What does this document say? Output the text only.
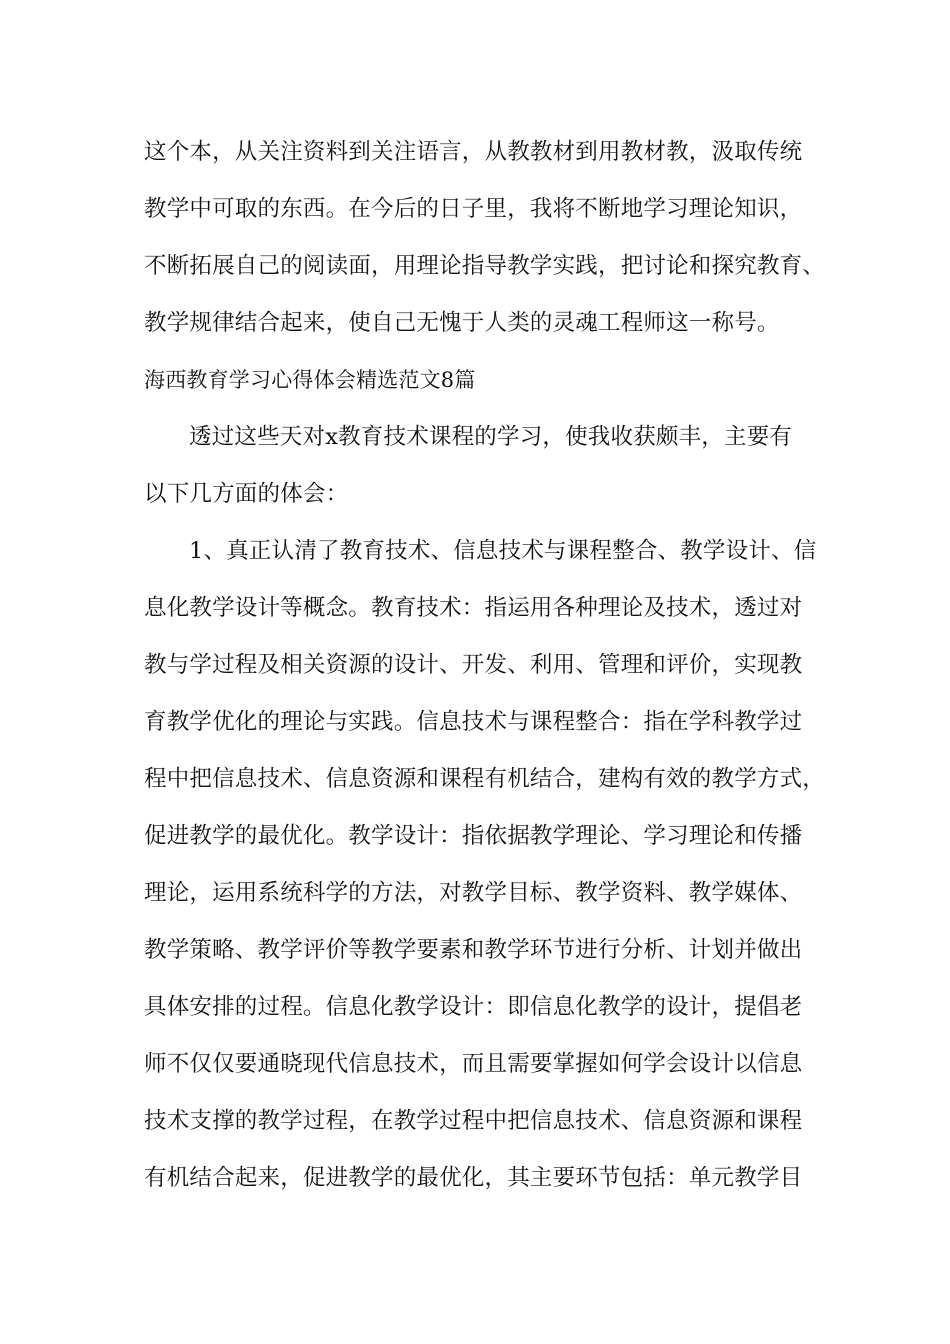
这个本，从关注资料到关注语言，从教教材到用教材教，汲取传统
教学中可取的东西。在今后的日子里，我将不断地学习理论知识，
不断拓展自己的阅读面，用理论指导教学实践，把讨论和探究教育、
教学规律结合起来，使自己无愧于人类的灵魂工程师这一称号。
海西教育学习心得体会精选范文8篇
透过这些天对x教育技术课程的学习，使我收获颇丰，主要有
以下几方面的体会：
1、真正认清了教育技术、信息技术与课程整合、教学设计、信
息化教学设计等概念。教育技术：指运用各种理论及技术，透过对
教与学过程及相关资源的设计、开发、利用、管理和评价，实现教
育教学优化的理论与实践。信息技术与课程整合：指在学科教学过
程中把信息技术、信息资源和课程有机结合，建构有效的教学方式，
促进教学的最优化。教学设计：指依据教学理论、学习理论和传播
理论，运用系统科学的方法，对教学目标、教学资料、教学媒体、
教学策略、教学评价等教学要素和教学环节进行分析、计划并做出
具体安排的过程。信息化教学设计：即信息化教学的设计，提倡老
师不仅仅要通晓现代信息技术，而且需要掌握如何学会设计以信息
技术支撑的教学过程，在教学过程中把信息技术、信息资源和课程
有机结合起来，促进教学的最优化，其主要环节包括：单元教学目
